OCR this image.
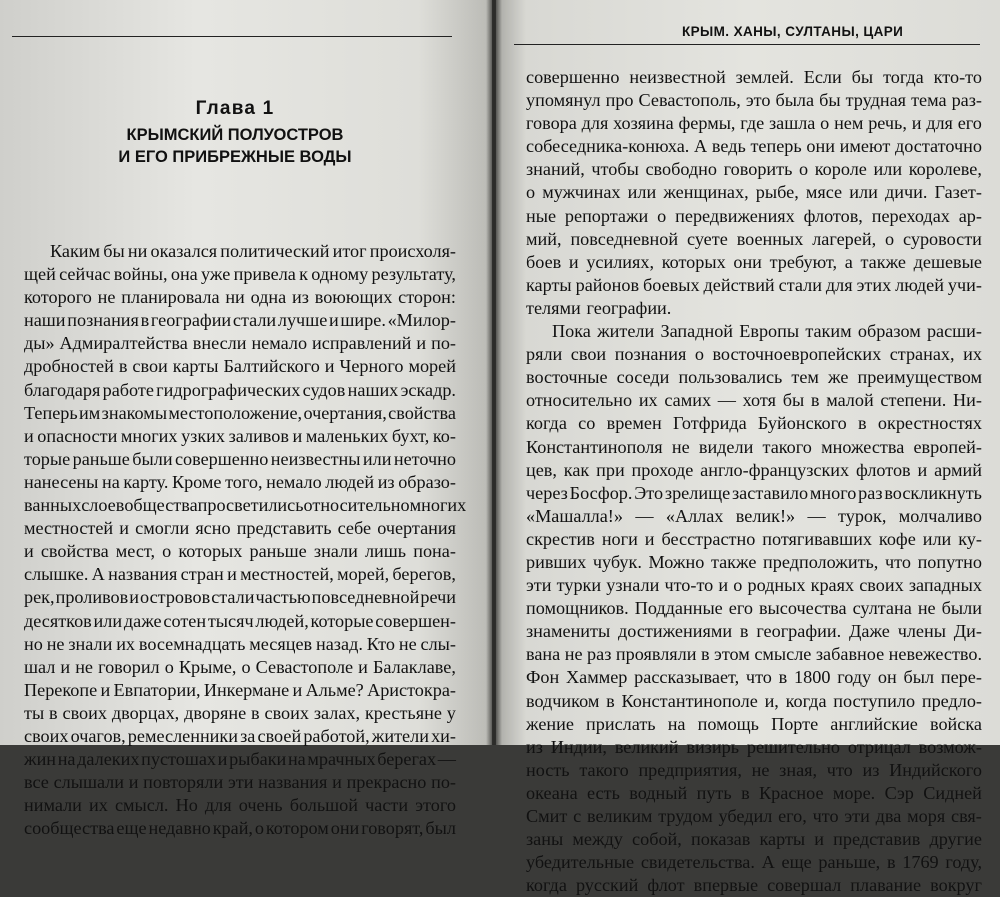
Глава 1
КРЫМСКИЙ ПОЛУОСТРОВ
И ЕГО ПРИБРЕЖНЫЕ ВОДЫ
Каким бы ни оказался политический итог происхоля-
щей сейчас войны, она уже привела к одному результату,
которого не планировала ни одна из воюющих сторон:
наши познания в географии стали лучше и шире. «Милор-
ды» Адмиралтейства внесли немало исправлений и по-
дробностей в свои карты Балтийского и Черного морей
благодаря работе гидрографических судов наших эскадр.
Теперь им знакомы местоположение, очертания, свойства
и опасности многих узких заливов и маленьких бухт, ко-
торые раньше были совершенно неизвестны или неточно
нанесены на карту. Кроме того, немало людей из образо-
ванных слоев общества просветились относительно многих
местностей и смогли ясно представить себе очертания
и свойства мест, о которых раньше знали лишь пона-
слышке. А названия стран и местностей, морей, берегов,
рек, проливов и островов стали частью повседневной речи
десятков или даже сотен тысяч людей, которые совершен-
но не знали их восемнадцать месяцев назад. Кто не слы-
шал и не говорил о Крыме, о Севастополе и Балаклаве,
Перекопе и Евпатории, Инкермане и Альме? Аристокра-
ты в своих дворцах, дворяне в своих залах, крестьяне у
своих очагов, ремесленники за своей работой, жители хи-
жин на далеких пустошах и рыбаки на мрачных берегах —
все слышали и повторяли эти названия и прекрасно по-
нимали их смысл. Но для очень большой части этого
сообщества еще недавно край, о котором они говорят, был
КРЫМ. ХАНЫ, СУЛТАНЫ, ЦАРИ
совершенно неизвестной землей. Если бы тогда кто-то
упомянул про Севастополь, это была бы трудная тема раз-
говора для хозяина фермы, где зашла о нем речь, и для его
собеседника-конюха. А ведь теперь они имеют достаточно
знаний, чтобы свободно говорить о короле или королеве,
о мужчинах или женщинах, рыбе, мясе или дичи. Газет-
ные репортажи о передвижениях флотов, переходах ар-
мий, повседневной суете военных лагерей, о суровости
боев и усилиях, которых они требуют, а также дешевые
карты районов боевых действий стали для этих людей учи-
телями географии.
Пока жители Западной Европы таким образом расши-
ряли свои познания о восточноевропейских странах, их
восточные соседи пользовались тем же преимуществом
относительно их самих — хотя бы в малой степени. Ни-
когда со времен Готфрида Буйонского в окрестностях
Константинополя не видели такого множества европей-
цев, как при проходе англо-французских флотов и армий
через Босфор. Это зрелище заставило много раз воскликнуть
«Машалла!» — «Аллах велик!» — турок, молчаливо
скрестив ноги и бесстрастно потягивавших кофе или ку-
ривших чубук. Можно также предположить, что попутно
эти турки узнали что-то и о родных краях своих западных
помощников. Подданные его высочества султана не были
знамениты достижениями в географии. Даже члены Ди-
вана не раз проявляли в этом смысле забавное невежество.
Фон Хаммер рассказывает, что в 1800 году он был пере-
водчиком в Константинополе и, когда поступило предло-
жение прислать на помощь Порте английские войска
из Индии, великий визирь решительно отрицал возмож-
ность такого предприятия, не зная, что из Индийского
океана есть водный путь в Красное море. Сэр Сидней
Смит с великим трудом убедил его, что эти два моря свя-
заны между собой, показав карты и представив другие
убедительные свидетельства. А еще раньше, в 1769 году,
когда русский флот впервые совершал плавание вокруг
